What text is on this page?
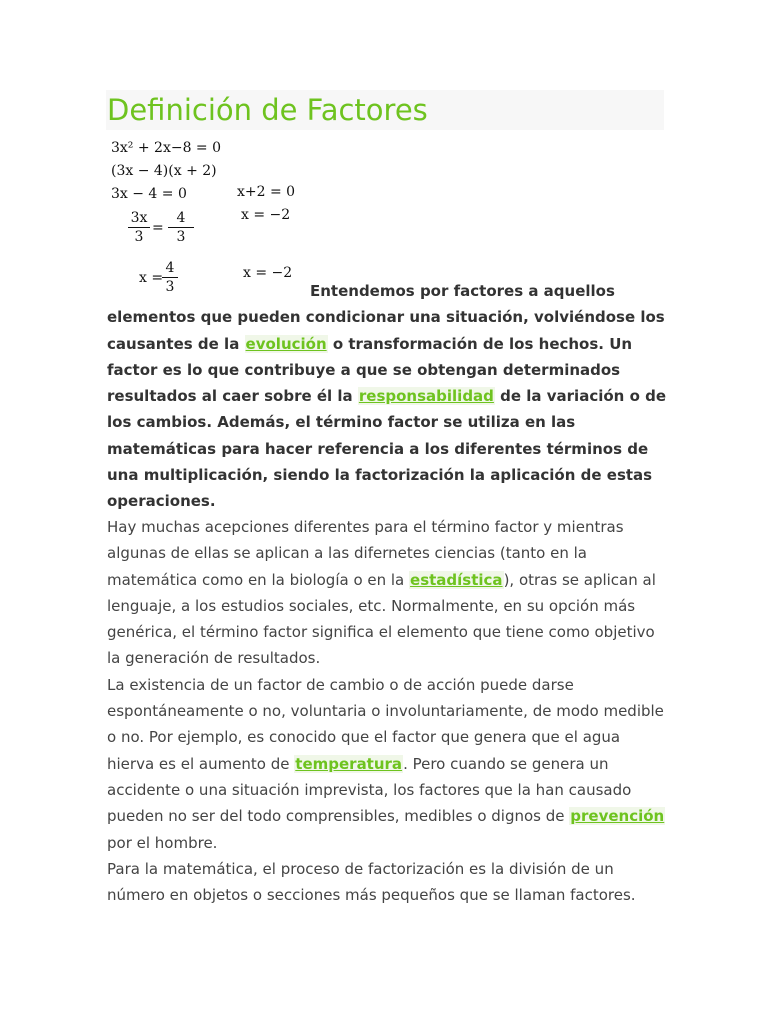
Definición de Factores
3x² + 2x−8 = 0
(3x − 4)(x + 2)
3x − 4 = 0	x+2 = 0
3x
3
=
4
3
x = −2
x =
4
3
x = −2

Entendemos por factores a aquellos elementos que pueden condicionar una situación, volviéndose los causantes de la evolución o transformación de los hechos. Un factor es lo que contribuye a que se obtengan determinados resultados al caer sobre él la responsabilidad de la variación o de los cambios. Además, el término factor se utiliza en las matemáticas para hacer referencia a los diferentes términos de una multiplicación, siendo la factorización la aplicación de estas operaciones.

Hay muchas acepciones diferentes para el término factor y mientras algunas de ellas se aplican a las difernetes ciencias (tanto en la matemática como en la biología o en la estadística), otras se aplican al lenguaje, a los estudios sociales, etc. Normalmente, en su opción más genérica, el término factor significa el elemento que tiene como objetivo la generación de resultados.

La existencia de un factor de cambio o de acción puede darse espontáneamente o no, voluntaria o involuntariamente, de modo medible o no. Por ejemplo, es conocido que el factor que genera que el agua hierva es el aumento de temperatura. Pero cuando se genera un accidente o una situación imprevista, los factores que la han causado pueden no ser del todo comprensibles, medibles o dignos de prevención por el hombre.

Para la matemática, el proceso de factorización es la división de un número en objetos o secciones más pequeños que se llaman factores.
